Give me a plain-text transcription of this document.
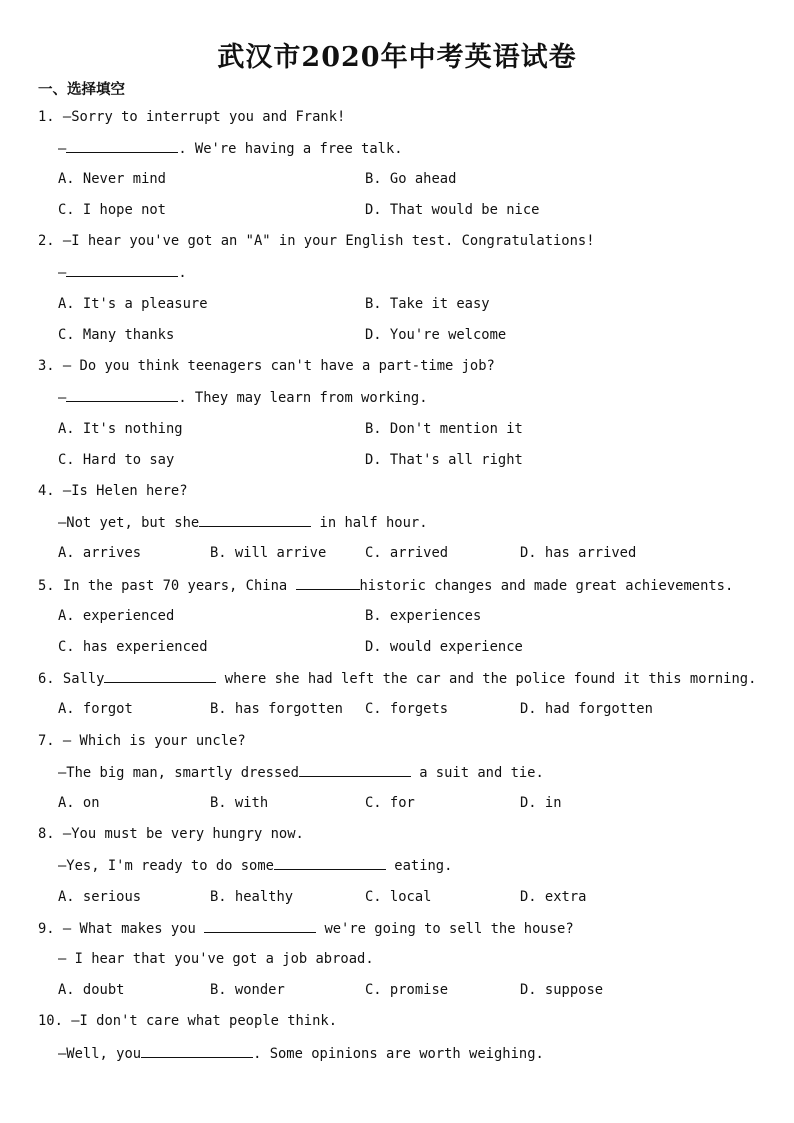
武汉市2020年中考英语试卷
一、选择填空
1. —Sorry to interrupt you and Frank!
—	. We're having a free talk.
A. Never mind	B. Go ahead
C. I hope not	D. That would be nice
2. —I hear you've got an "A" in your English test. Congratulations!
—	.
A. It's a pleasure	B. Take it easy
C. Many thanks	D. You're welcome
3. — Do you think teenagers can't have a part-time job?
—	. They may learn from working.
A. It's nothing	B. Don't mention it
C. Hard to say	D. That's all right
4. —Is Helen here?
—Not yet, but she	in half hour.
A. arrives	B. will arrive	C. arrived	D. has arrived
5. In the past 70 years, China	historic changes and made great achievements.
A. experienced	B. experiences
C. has experienced	D. would experience
6. Sally	where she had left the car and the police found it this morning.
A. forgot	B. has forgotten C. forgets	D. had forgotten
7. — Which is your uncle?
—The big man, smartly dressed	a suit and tie.
A. on	B. with	C. for	D. in
8. —You must be very hungry now.
—Yes, I'm ready to do some	eating.
A. serious	B. healthy	C. local	D. extra
9. — What makes you	we're going to sell the house?
— I hear that you've got a job abroad.
A. doubt	B. wonder	C. promise	D. suppose
10. —I don't care what people think.
—Well, you	. Some opinions are worth weighing.
